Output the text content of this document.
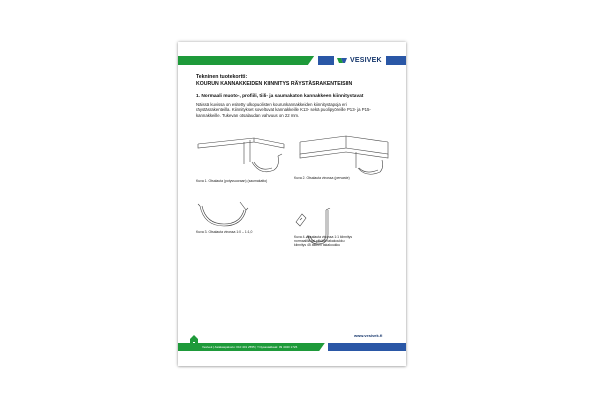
VESIVEK
Tekninen tuotekortti:
KOURUN KANNAKKEIDEN KIINNITYS RÄYSTÄSRAKENTEISIIN
1. Normaali muoto-, profiili, tiili- ja saumakaton kannakkeen kiinnitystavat
Näissä kuvissa on esitetty ulkopuolisten kourunkannakkeiden kiinnitystapoja eri räystäsrakenteilla. Kiinnitykset soveltuvat kannakkeille K13- sekä puolipyöreille P13- ja P15-kannakkeille. Tukevan otsalaudan vahvuus on 22 mm.
Kuva 1. Otsalauta (potyssuoraan) (saumakatto)
Kuva 2. Otsalauta vinossa (pervaste)
Kuva 3. Otsalauta vinossa 1:0 – 1:1,0
Kuva 4. Otsalauta vinossa 1:1 kiinnitys normaalilla tai pitkällä takakoukku kiinnitys 45 asteen takakoukku
www.vesivek.fi
Vesivek | Asiakaspalvelu: 010 401 2555 | Yritysasiakkaat: 09 4040 1726
